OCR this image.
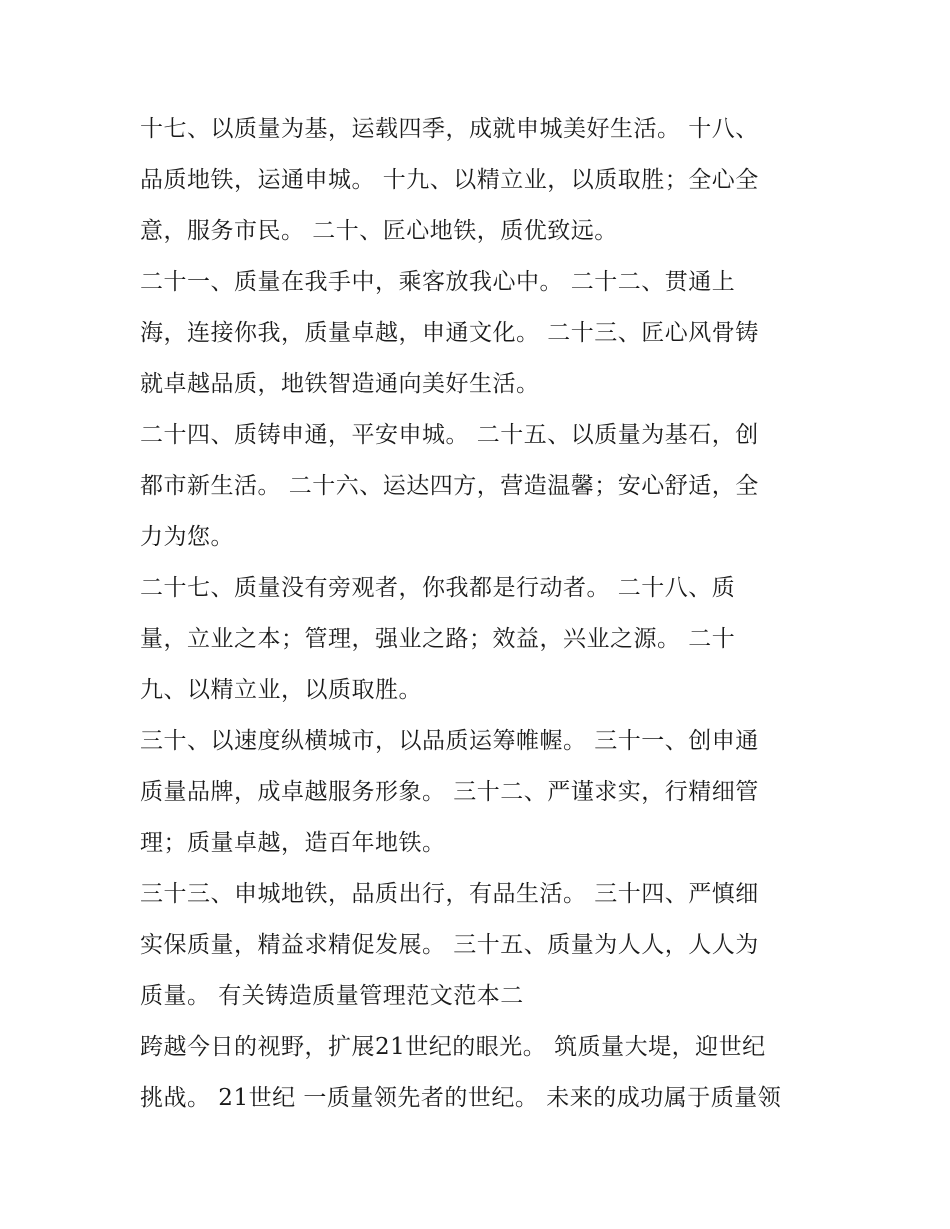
十七、以质量为基，运载四季，成就申城美好生活。 十八、
品质地铁，运通申城。 十九、以精立业，以质取胜；全心全
意，服务市民。 二十、匠心地铁，质优致远。
二十一、质量在我手中，乘客放我心中。 二十二、贯通上
海，连接你我，质量卓越，申通文化。 二十三、匠心风骨铸
就卓越品质，地铁智造通向美好生活。
二十四、质铸申通，平安申城。 二十五、以质量为基石，创
都市新生活。 二十六、运达四方，营造温馨；安心舒适，全
力为您。
二十七、质量没有旁观者，你我都是行动者。 二十八、质
量，立业之本；管理，强业之路；效益，兴业之源。 二十
九、以精立业，以质取胜。
三十、以速度纵横城市，以品质运筹帷幄。 三十一、创申通
质量品牌，成卓越服务形象。 三十二、严谨求实，行精细管
理；质量卓越，造百年地铁。
三十三、申城地铁，品质出行，有品生活。 三十四、严慎细
实保质量，精益求精促发展。 三十五、质量为人人，人人为
质量。 有关铸造质量管理范文范本二
跨越今日的视野，扩展21世纪的眼光。 筑质量大堤，迎世纪
挑战。 21世纪 一质量领先者的世纪。 未来的成功属于质量领
